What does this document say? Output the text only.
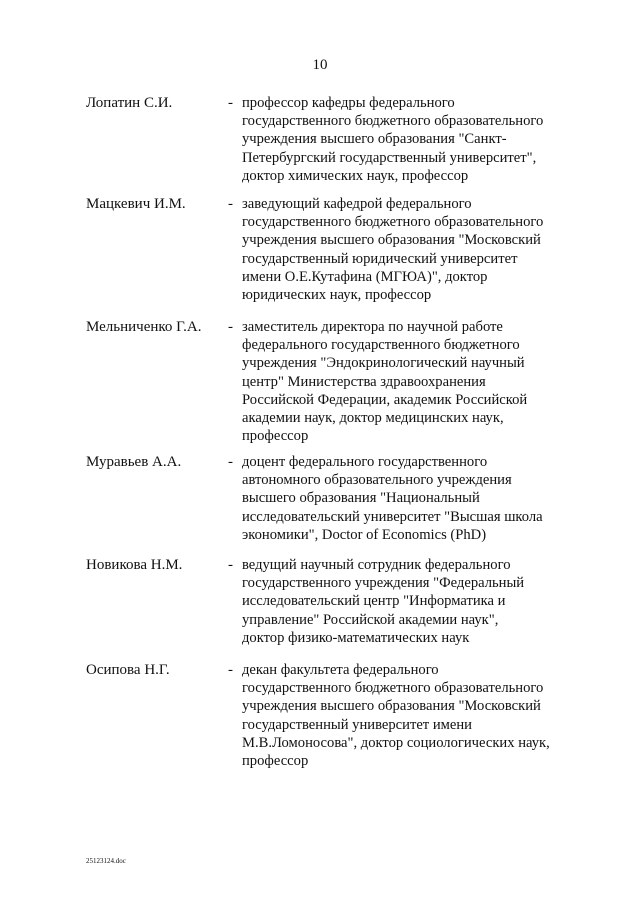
10
Лопатин С.И.	- профессор кафедры федерального
государственного бюджетного образовательного
учреждения высшего образования "Санкт-
Петербургский государственный университет",
доктор химических наук, профессор
Мацкевич И.М.	- заведующий кафедрой федерального
государственного бюджетного образовательного
учреждения высшего образования "Московский
государственный юридический университет
имени О.Е.Кутафина (МГЮА)", доктор
юридических наук, профессор
Мельниченко Г.А.	- заместитель директора по научной работе
федерального государственного бюджетного
учреждения "Эндокринологический научный
центр" Министерства здравоохранения
Российской Федерации, академик Российской
академии наук, доктор медицинских наук,
профессор
Муравьев А.А.	- доцент федерального государственного
автономного образовательного учреждения
высшего образования "Национальный
исследовательский университет "Высшая школа
экономики", Doctor of Economics (PhD)
Новикова Н.М.	- ведущий научный сотрудник федерального
государственного учреждения "Федеральный
исследовательский центр "Информатика и
управление" Российской академии наук",
доктор физико-математических наук
Осипова Н.Г.	- декан факультета федерального
государственного бюджетного образовательного
учреждения высшего образования "Московский
государственный университет имени
М.В.Ломоносова", доктор социологических наук,
профессор
25123124.doc
